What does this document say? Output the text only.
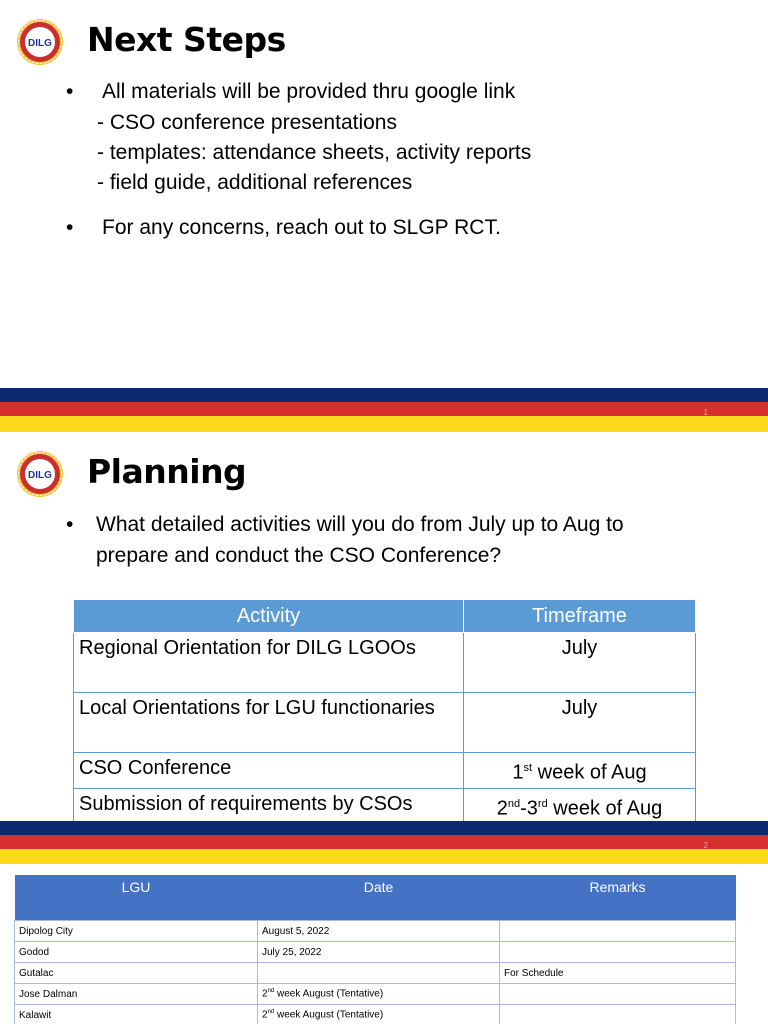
DILG Next Steps
• All materials will be provided thru google link
- CSO conference presentations
- templates: attendance sheets, activity reports
- field guide, additional references
• For any concerns, reach out to SLGP RCT.
1
DILG Planning
• What detailed activities will you do from July up to Aug to
prepare and conduct the CSO Conference?
Activity	Timeframe
Regional Orientation for DILG LGOOs	July
Local Orientations for LGU functionaries	July
CSO Conference	1st week of Aug
Submission of requirements by CSOs	2nd-3rd week of Aug
2
LGU	Date	Remarks
Dipolog City	August 5, 2022	
Godod	July 25, 2022	
Gutalac		For Schedule
Jose Dalman	2nd week August (Tentative)	
Kalawit	2nd week August (Tentative)	
